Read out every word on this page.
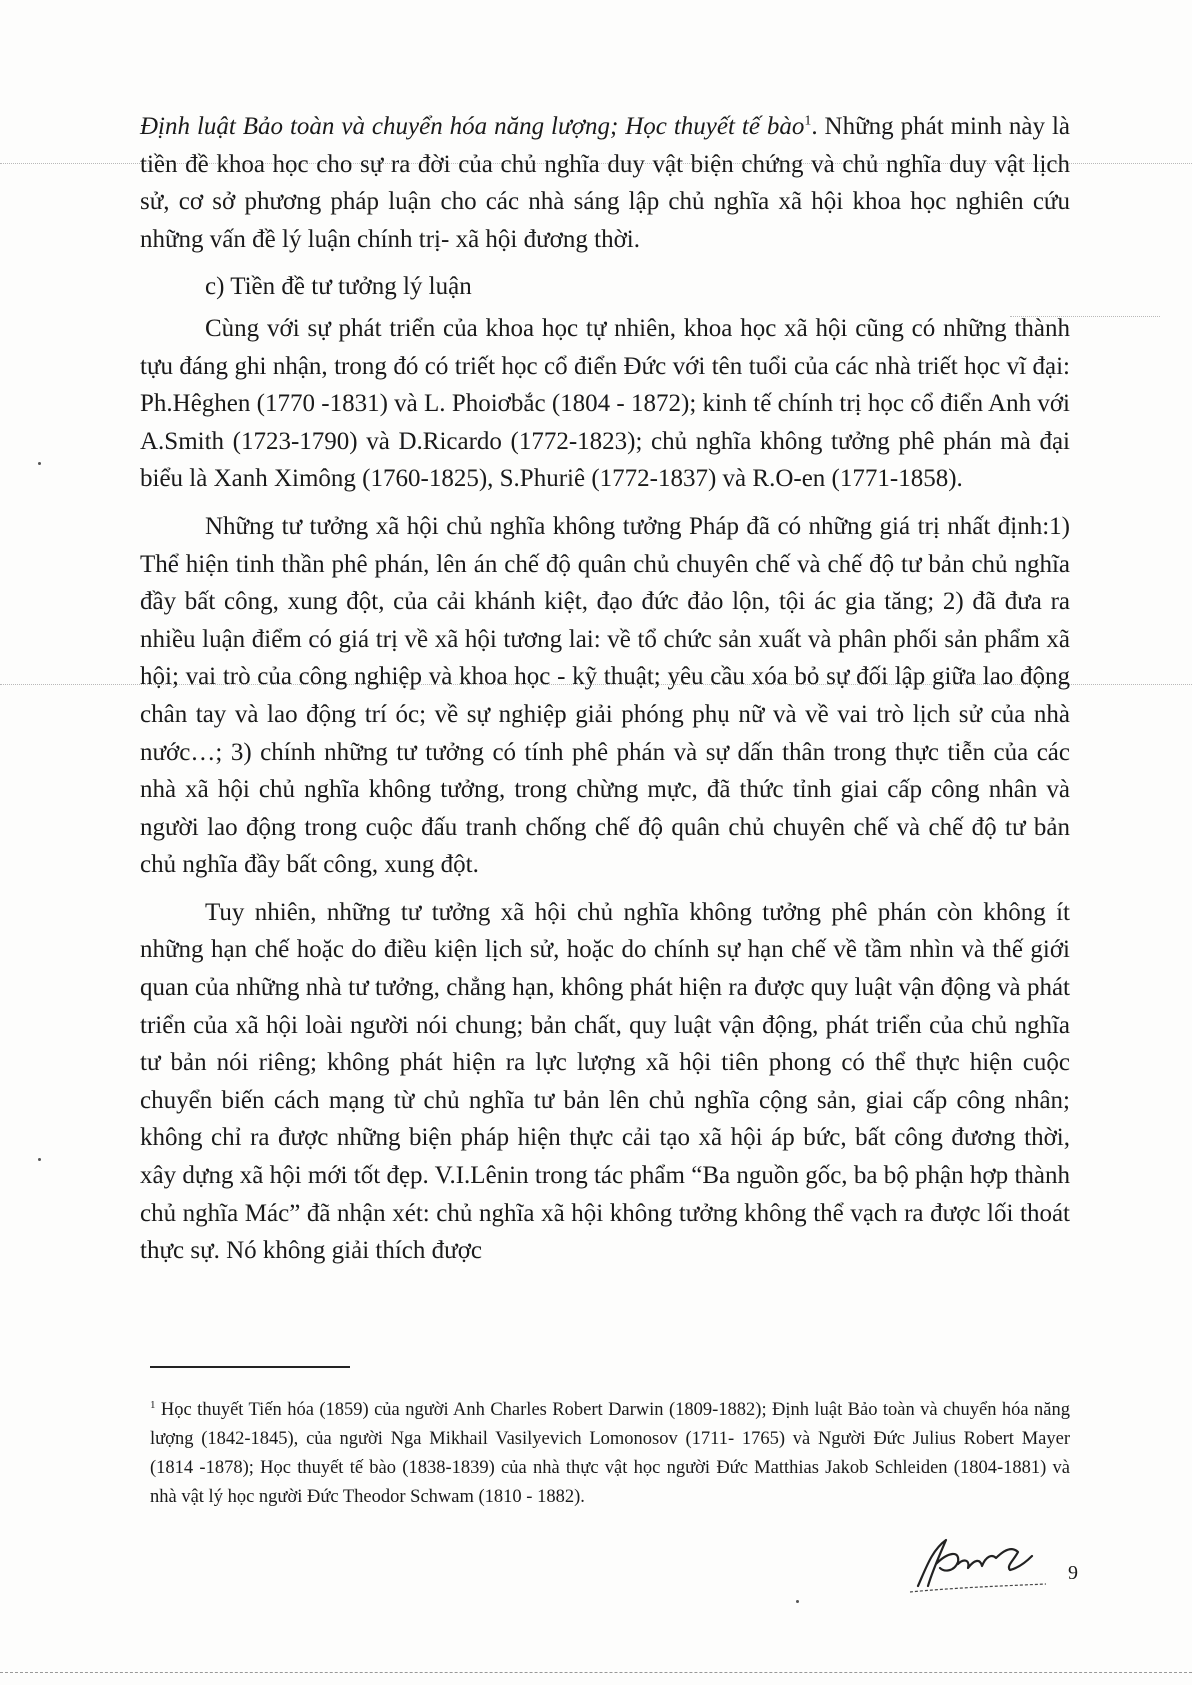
Định luật Bảo toàn và chuyển hóa năng lượng; Học thuyết tế bào$^1$. Những phát minh này là tiền đề khoa học cho sự ra đời của chủ nghĩa duy vật biện chứng và chủ nghĩa duy vật lịch sử, cơ sở phương pháp luận cho các nhà sáng lập chủ nghĩa xã hội khoa học nghiên cứu những vấn đề lý luận chính trị- xã hội đương thời.

c) Tiền đề tư tưởng lý luận

Cùng với sự phát triển của khoa học tự nhiên, khoa học xã hội cũng có những thành tựu đáng ghi nhận, trong đó có triết học cổ điển Đức với tên tuổi của các nhà triết học vĩ đại: Ph.Hêghen (1770 -1831) và L. Phoiơbắc (1804 - 1872); kinh tế chính trị học cổ điển Anh với A.Smith (1723-1790) và D.Ricardo (1772-1823); chủ nghĩa không tưởng phê phán mà đại biểu là Xanh Ximông (1760-1825), S.Phuriê (1772-1837) và R.O-en (1771-1858).

Những tư tưởng xã hội chủ nghĩa không tưởng Pháp đã có những giá trị nhất định:1) Thể hiện tinh thần phê phán, lên án chế độ quân chủ chuyên chế và chế độ tư bản chủ nghĩa đầy bất công, xung đột, của cải khánh kiệt, đạo đức đảo lộn, tội ác gia tăng; 2) đã đưa ra nhiều luận điểm có giá trị về xã hội tương lai: về tổ chức sản xuất và phân phối sản phẩm xã hội; vai trò của công nghiệp và khoa học - kỹ thuật; yêu cầu xóa bỏ sự đối lập giữa lao động chân tay và lao động trí óc; về sự nghiệp giải phóng phụ nữ và về vai trò lịch sử của nhà nước…; 3) chính những tư tưởng có tính phê phán và sự dấn thân trong thực tiễn của các nhà xã hội chủ nghĩa không tưởng, trong chừng mực, đã thức tỉnh giai cấp công nhân và người lao động trong cuộc đấu tranh chống chế độ quân chủ chuyên chế và chế độ tư bản chủ nghĩa đầy bất công, xung đột.

Tuy nhiên, những tư tưởng xã hội chủ nghĩa không tưởng phê phán còn không ít những hạn chế hoặc do điều kiện lịch sử, hoặc do chính sự hạn chế về tầm nhìn và thế giới quan của những nhà tư tưởng, chẳng hạn, không phát hiện ra được quy luật vận động và phát triển của xã hội loài người nói chung; bản chất, quy luật vận động, phát triển của chủ nghĩa tư bản nói riêng; không phát hiện ra lực lượng xã hội tiên phong có thể thực hiện cuộc chuyển biến cách mạng từ chủ nghĩa tư bản lên chủ nghĩa cộng sản, giai cấp công nhân; không chỉ ra được những biện pháp hiện thực cải tạo xã hội áp bức, bất công đương thời, xây dựng xã hội mới tốt đẹp. V.I.Lênin trong tác phẩm “Ba nguồn gốc, ba bộ phận hợp thành chủ nghĩa Mác” đã nhận xét: chủ nghĩa xã hội không tưởng không thể vạch ra được lối thoát thực sự. Nó không giải thích được

$^1$ Học thuyết Tiến hóa (1859) của người Anh Charles Robert Darwin (1809-1882); Định luật Bảo toàn và chuyển hóa năng lượng (1842-1845), của người Nga Mikhail Vasilyevich Lomonosov (1711- 1765) và Người Đức Julius Robert Mayer (1814 -1878); Học thuyết tế bào (1838-1839) của nhà thực vật học người Đức Matthias Jakob Schleiden (1804-1881) và nhà vật lý học người Đức Theodor Schwam (1810 - 1882).
9
